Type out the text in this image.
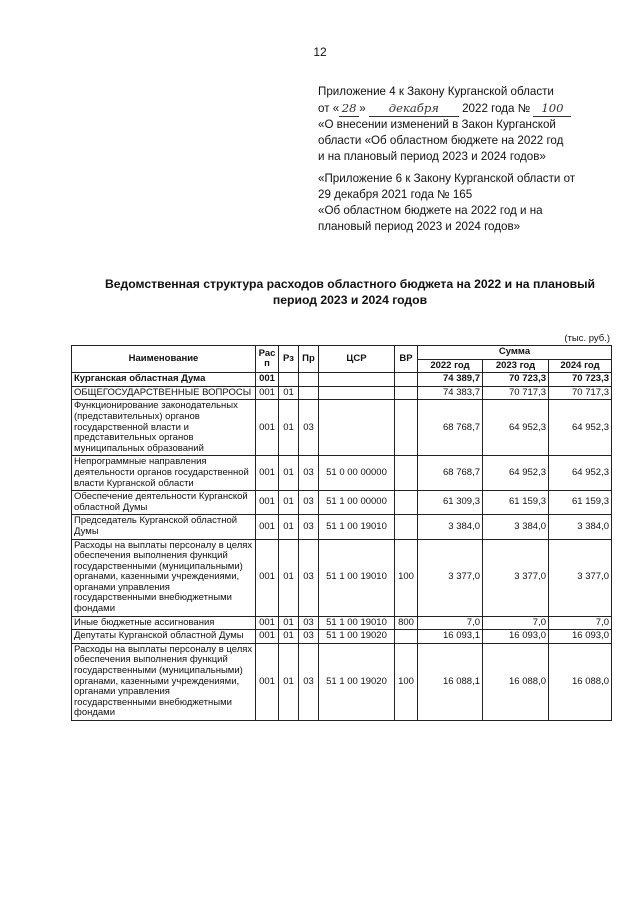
12
Приложение 4 к Закону Курганской области
от « 28 » декабря 2022 года № 100
«О внесении изменений в Закон Курганской
области «Об областном бюджете на 2022 год
и на плановый период 2023 и 2024 годов»
«Приложение 6 к Закону Курганской области от
29 декабря 2021 года № 165
«Об областном бюджете на 2022 год и на
плановый период 2023 и 2024 годов»
Ведомственная структура расходов областного бюджета на 2022 и на плановый
период 2023 и 2024 годов
(тыс. руб.)
Наименование	Рас п	Рз	Пр	ЦСР	ВР	Сумма		
						2022 год	2023 год	2024 год
Курганская областная Дума	001					74 389,7	70 723,3	70 723,3
ОБЩЕГОСУДАРСТВЕННЫЕ ВОПРОСЫ	001	01				74 383,7	70 717,3	70 717,3
Функционирование законодательных (представительных) органов государственной власти и представительных органов муниципальных образований	001	01	03			68 768,7	64 952,3	64 952,3
Непрограммные направления деятельности органов государственной власти Курганской области	001	01	03	51 0 00 00000		68 768,7	64 952,3	64 952,3
Обеспечение деятельности Курганской областной Думы	001	01	03	51 1 00 00000		61 309,3	61 159,3	61 159,3
Председатель Курганской областной Думы	001	01	03	51 1 00 19010		3 384,0	3 384,0	3 384,0
Расходы на выплаты персоналу в целях обеспечения выполнения функций государственными (муниципальными) органами, казенными учреждениями, органами управления государственными внебюджетными фондами	001	01	03	51 1 00 19010	100	3 377,0	3 377,0	3 377,0
Иные бюджетные ассигнования	001	01	03	51 1 00 19010	800	7,0	7,0	7,0
Депутаты Курганской областной Думы	001	01	03	51 1 00 19020		16 093,1	16 093,0	16 093,0
Расходы на выплаты персоналу в целях обеспечения выполнения функций государственными (муниципальными) органами, казенными учреждениями, органами управления государственными внебюджетными фондами	001	01	03	51 1 00 19020	100	16 088,1	16 088,0	16 088,0
